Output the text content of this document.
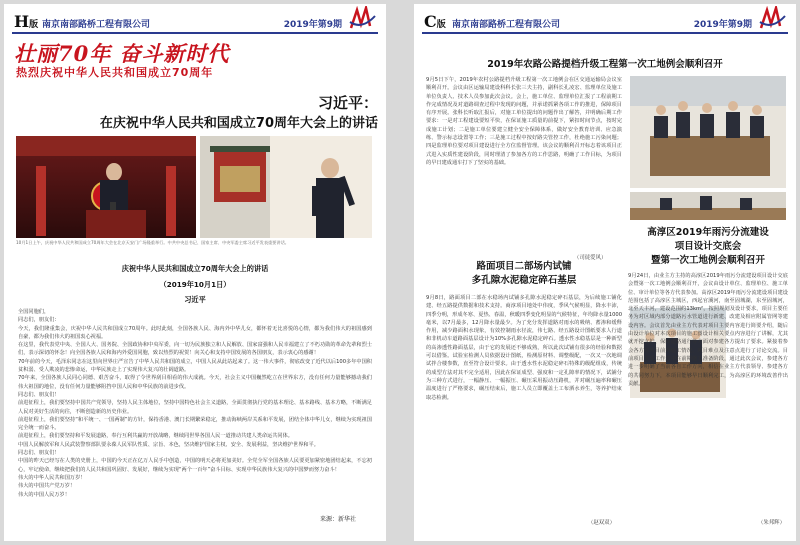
H版 南京南部路桥工程有限公司	2019年第9期
壮丽70年 奋斗新时代
热烈庆祝中华人民共和国成立70周年
习近平：
在庆祝中华人民共和国成立70周年大会上的讲话
10月1日上午，庆祝中华人民共和国成立70周年大会在北京天安门广场隆重举行。中共中央总书记、国家主席、中央军委主席习近平发表重要讲话。
庆祝中华人民共和国成立70周年大会上的讲话
（2019年10月1日）
习近平

全国同胞们，

同志们，朋友们：

今天，我们隆重集会，庆祝中华人民共和国成立70周年。此时此刻，全国各族人民、海内外中华儿女，都怀着无比喜悦的心情，都为我们伟大的祖国感到自豪，都为我们伟大的祖国衷心祝福。

在这里，我代表党中央、全国人大、国务院、全国政协和中央军委，向一切为民族独立和人民解放、国家富强和人民幸福建立了不朽功勋的革命先辈和烈士们，表示深切的怀念！向全国各族人民和海内外爱国同胞，致以热烈的祝贺！向关心和支持中国发展的各国朋友，表示衷心的感谢！

70年前的今天，毛泽东同志在这里向世界庄严宣告了中华人民共和国的成立，中国人民从此站起来了。这一伟大事件，彻底改变了近代以后100多年中国积贫积弱、受人欺凌的悲惨命运，中华民族走上了实现伟大复兴的壮阔道路。

70年来，全国各族人民同心同德、艰苦奋斗，取得了令世界刮目相看的伟大成就。今天，社会主义中国巍然屹立在世界东方，没有任何力量能够撼动我们伟大祖国的地位，没有任何力量能够阻挡中国人民和中华民族的前进步伐。

同志们、朋友们！

前进征程上，我们要坚持中国共产党领导，坚持人民主体地位，坚持中国特色社会主义道路，全面贯彻执行党的基本理论、基本路线、基本方略，不断满足人民对美好生活的向往，不断创造新的历史伟业。

前进征程上，我们要坚持“和平统一、一国两制”的方针，保持香港、澳门长期繁荣稳定，推动海峡两岸关系和平发展，团结全体中华儿女，继续为实现祖国完全统一而奋斗。

前进征程上，我们要坚持和平发展道路，奉行互利共赢的开放战略，继续同世界各国人民一道推动共建人类命运共同体。

中国人民解放军和人民武装警察部队要永葆人民军队性质、宗旨、本色，坚决维护国家主权、安全、发展利益，坚决维护世界和平。

同志们、朋友们！

中国的昨天已经写在人类的史册上，中国的今天正在亿万人民手中创造，中国的明天必将更加美好。全党全军全国各族人民要更加紧密地团结起来，不忘初心，牢记使命，继续把我们的人民共和国巩固好、发展好，继续为实现“两个一百年”奋斗目标、实现中华民族伟大复兴的中国梦而努力奋斗！

伟大的中华人民共和国万岁！

伟大的中国共产党万岁！

伟大的中国人民万岁！

来源：新华社
C版 南京南部路桥工程有限公司	2019年第9期
2019年农路公路提档升级工程第一次工地例会顺利召开

9月5日下午，2019年农村公路提档升级工程第一次工地例会在区交通运输局会议室顺利召开。会议由区运输局建设科科长张三夫主持，副科长孔凌宏、监理单位及施工单位负责人、技术人员参加此次会议。会上，施工单位、监理单位汇报了工程前期工作完成情况及对道路调查过程中发现的问题，并承诺抓紧各项工作的推进，保障项目有序开展。张科长听取汇报后，对施工单位提出的问题作出了解答，并明确后期工作要求：一是对工程建设要短平快，在保证施工质量的前提下，紧扣时间节点，按时完成施工计划；二是施工单位要建立健全安全保障体系，做好安全教育培训、应急演练、警示标志设置等工作；三是施工过程中按好路尖管控工作，杜绝施工污染问题；四是监理单位要对项目建设进行全方位监督管理。该会议的顺利召开标志着该项目正式进入实质性建设阶段，同时理清了参加各方的工作思路，明确了工作目标，为项目的早日建成通车打下了坚实的基础。

（司徒爱风）
路面项目二部场内试铺
多孔隙水泥稳定碎石基层

9月8日，路面项目二部在水稳场内试铺多孔隙水泥稳定碎石基层，为后续施工铺化建、经五路提供数据和技术支持。商淳项目地处中伟度，季风气候明显，降水丰沛，四季分明，形成冬寒、夏热、春温，秋暖四季变化明显的气候特征，年均降水量1000毫米，以7月最多，12月降水量最少。为了充分发挥道路对雨水的吸纳、蓄渗和缓释作用，减少路面积水现象，有效控制雨水径流，伟七路、经五路设计图纸要求人行道和非机动车道路面基层设计为10%多孔隙水泥稳定碎石。透水性水稳基层是一种新型的高渗透性路面基层，由于它的发展还不够成熟，所以此次试铺有很多的经验和数据可以借鉴。试验室检测人员依据设计图纸，检测原材料、调整级配，一次又一次地调试拌合楼参数，直至符合设计要求。由于透水性水泥稳定碎石特殊的级配组成，传统的成型方法对其不完全适用，因此在保证成型、强度和一定孔隙率的情况下，试铺分为三种方式进行，一幅静压、一幅振压、碾压采用振动压路机，并对碾压遍率和碾压温度进行了严格要求，碾压结束后，施工人员立即覆盖土工布洒水养生，等养护结束取芯检测。

（赵双双）
高淳区2019年雨污分流建设
项目设计交底会
暨第一次工地例会顺利召开

9月24日，由业主方主持的高淳区2019年雨污分流建设项目设计交底会暨第一次工地例会顺利召开，会议由设计单位、监理单位、施工单位、审计单位等各方代表参加。高淳区2019年雨污分流建设项目建设范围包括了高淳区主城区，西起官溪河，南至固城湖，东至固城河，北至天丰河，建设范围约13km²，按照规划及设计要求，项目主要任务为对区域内部分道路污水管道进行新建、改建及相应附属管网等建设内容。会议首先由业主方代表对项目主要内容进行简要介绍，随后由设计单位对本次项目的施工图设计相关要点内容进行了讲解，尤其就开挖支护、保障道路通行等方面对参建各方提出了要求。紧接着参会各方对项目前期施工情况、项目难点及注意点进行了讨论交流。目前项目主要工作集中在前期施工准备阶段，通过此次会议，参建各方进一步明确了当前各自工作方向，相信在业主方代表领导、参建各方的共同努力下，本项目能够早日顺利完工，为高淳区的环境改善作出贡献。

（朱邦辉）
